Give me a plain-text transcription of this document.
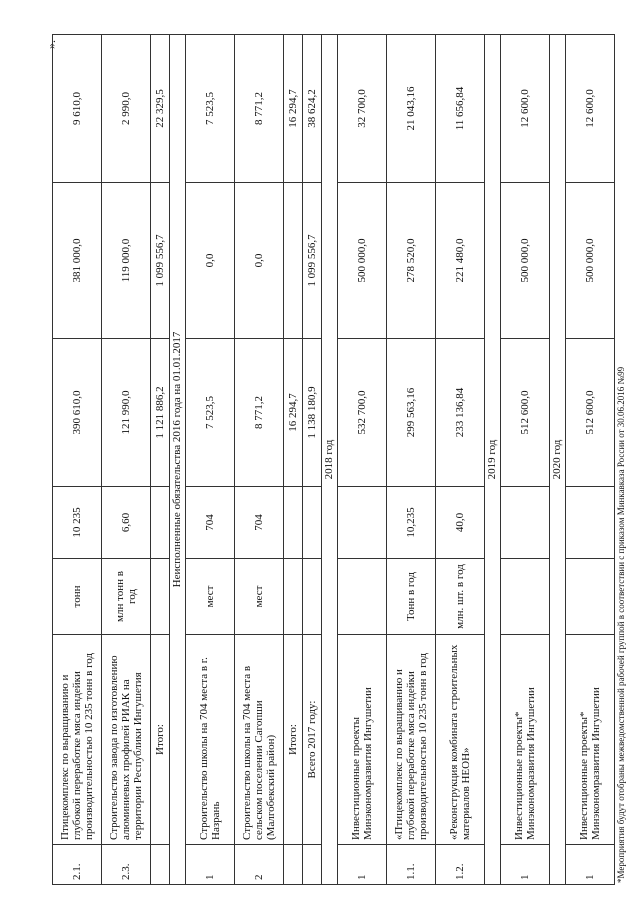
».
2.1.	Птицекомплекс по выращиванию и глубокой переработке мяса индейки производительностью 10 235 тонн в год	тонн	10 235	390 610,0	381 000,0	9 610,0
2.3.	Строительство завода по изготовлению алюминиевых профилей РИАК на территории Республики Ингушетия	млн тонн в год	6,60	121 990,0	119 000,0	2 990,0
	Итого:			1 121 886,2	1 099 556,7	22 329,5
Неисполненные обязательства 2016 года на 01.01.2017						
1	Строительство школы на 704 места в г. Назрань	мест	704	7 523,5	0,0	7 523,5
2	Строительство школы на 704 места в сельском поселении Сагопши (Малгобекский район)	мест	704	8 771,2	0,0	8 771,2
	Итого:			16 294,7		16 294,7
	Всего 2017 году:			1 138 180,9	1 099 556,7	38 624,2
2018 год						
1	Инвестиционные проекты Минэкономразвития Ингушетии			532 700,0	500 000,0	32 700,0
1.1.	«Птицекомплекс по выращиванию и глубокой переработке мяса индейки производительностью 10 235 тонн в год	Тонн в год	10,235	299 563,16	278 520,0	21 043,16
1.2.	«Реконструкция комбината строительных материалов НЕОН»	млн. шт. в год	40,0	233 136,84	221 480,0	11 656,84
2019 год						
1	Инвестиционные проекты* Минэкономразвития Ингушетии			512 600,0	500 000,0	12 600,0
2020 год						
1	Инвестиционные проекты* Минэкономразвития Ингушетии			512 600,0	500 000,0	12 600,0
*Мероприятия будут отобраны межведомственной рабочей группой в соответствии с приказом Минкавказа России от 30.06.2016 №99
